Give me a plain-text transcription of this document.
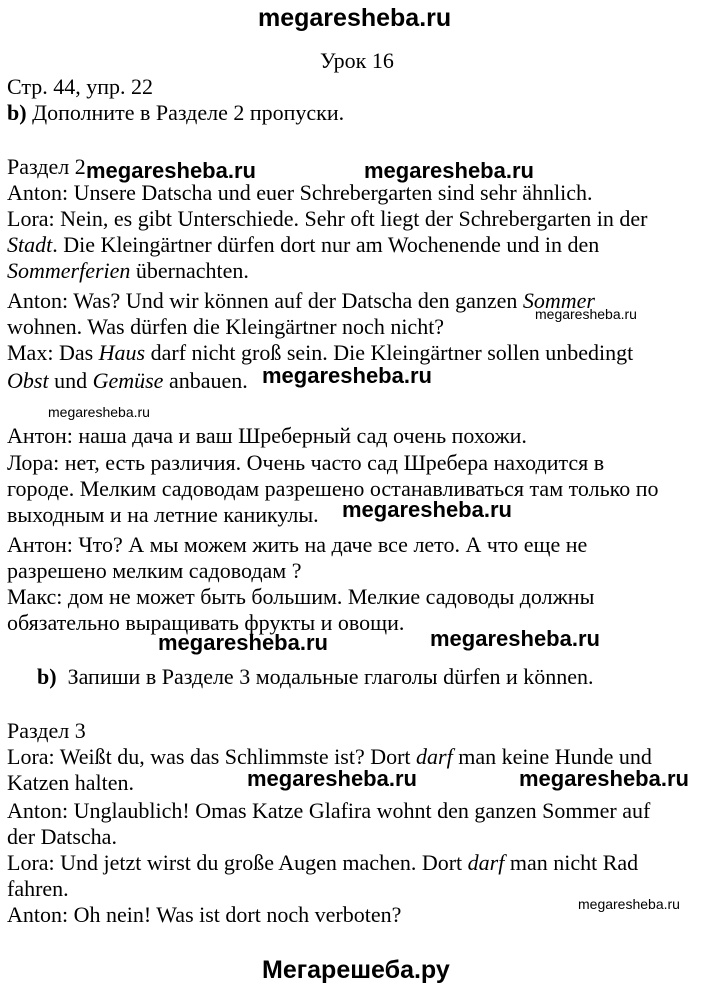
megaresheba.ru
Урок 16
Стр. 44, упр. 22
b) Дополните в Разделе 2 пропуски.
Раздел 2
Anton: Unsere Datscha und euer Schrebergarten sind sehr ähnlich.
Lora: Nein, es gibt Unterschiede. Sehr oft liegt der Schrebergarten in der
Stadt. Die Kleingärtner dürfen dort nur am Wochenende und in den
Sommerferien übernachten.
Anton: Was? Und wir können auf der Datscha den ganzen Sommer
wohnen. Was dürfen die Kleingärtner noch nicht?
Max: Das Haus darf nicht groß sein. Die Kleingärtner sollen unbedingt
Obst und Gemüse anbauen.
Антон: наша дача и ваш Шреберный сад очень похожи.
Лора: нет, есть различия. Очень часто сад Шребера находится в
городе. Мелким садоводам разрешено останавливаться там только по
выходным и на летние каникулы.
Антон: Что? А мы можем жить на даче все лето. А что еще не
разрешено мелким садоводам ?
Макс: дом не может быть большим. Мелкие садоводы должны
обязательно выращивать фрукты и овощи.
b) Запиши в Разделе 3 модальные глаголы dürfen и können.
Раздел 3
Lora: Weißt du, was das Schlimmste ist? Dort darf man keine Hunde und
Katzen halten.
Anton: Unglaublich! Omas Katze Glafira wohnt den ganzen Sommer auf
der Datscha.
Lora: Und jetzt wirst du große Augen machen. Dort darf man nicht Rad
fahren.
Anton: Oh nein! Was ist dort noch verboten?
megaresheba.ru	megaresheba.ru
megaresheba.ru
megaresheba.ru
megaresheba.ru
megaresheba.ru
megaresheba.ru	megaresheba.ru
megaresheba.ru	megaresheba.ru
megaresheba.ru
Мегарешеба.ру
